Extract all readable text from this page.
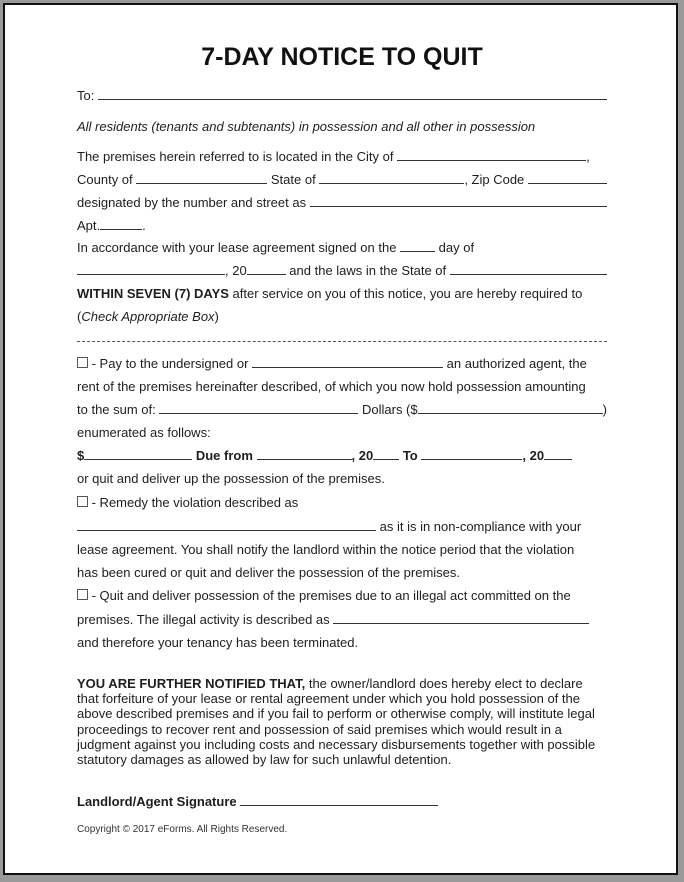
7-DAY NOTICE TO QUIT
To:

All residents (tenants and subtenants) in possession and all other in possession
The premises herein referred to is located in the City of	,
County of	State of	, Zip Code
designated by the number and street as
Apt.	.
In accordance with your lease agreement signed on the	day of
, 20	and the laws in the State of
WITHIN SEVEN (7) DAYS after service on you of this notice, you are hereby required to
( Check Appropriate Box )
- Pay to the undersigned or	an authorized agent, the
rent of the premises hereinafter described, of which you now hold possession amounting
to the sum of:	Dollars ($	)
enumerated as follows:
$	Due from	, 20 To	, 20
or quit and deliver up the possession of the premises.
- Remedy the violation described as
as it is in non-compliance with your
lease agreement. You shall notify the landlord within the notice period that the violation
has been cured or quit and deliver the possession of the premises.
- Quit and deliver possession of the premises due to an illegal act committed on the
premises. The illegal activity is described as
and therefore your tenancy has been terminated.
YOU ARE FURTHER NOTIFIED THAT, the owner/landlord does hereby elect to declare
that forfeiture of your lease or rental agreement under which you hold possession of the
above described premises and if you fail to perform or otherwise comply, will institute legal
proceedings to recover rent and possession of said premises which would result in a
judgment against you including costs and necessary disbursements together with possible
statutory damages as allowed by law for such unlawful detention.
Landlord/Agent Signature
Copyright © 2017 eForms. All Rights Reserved.
